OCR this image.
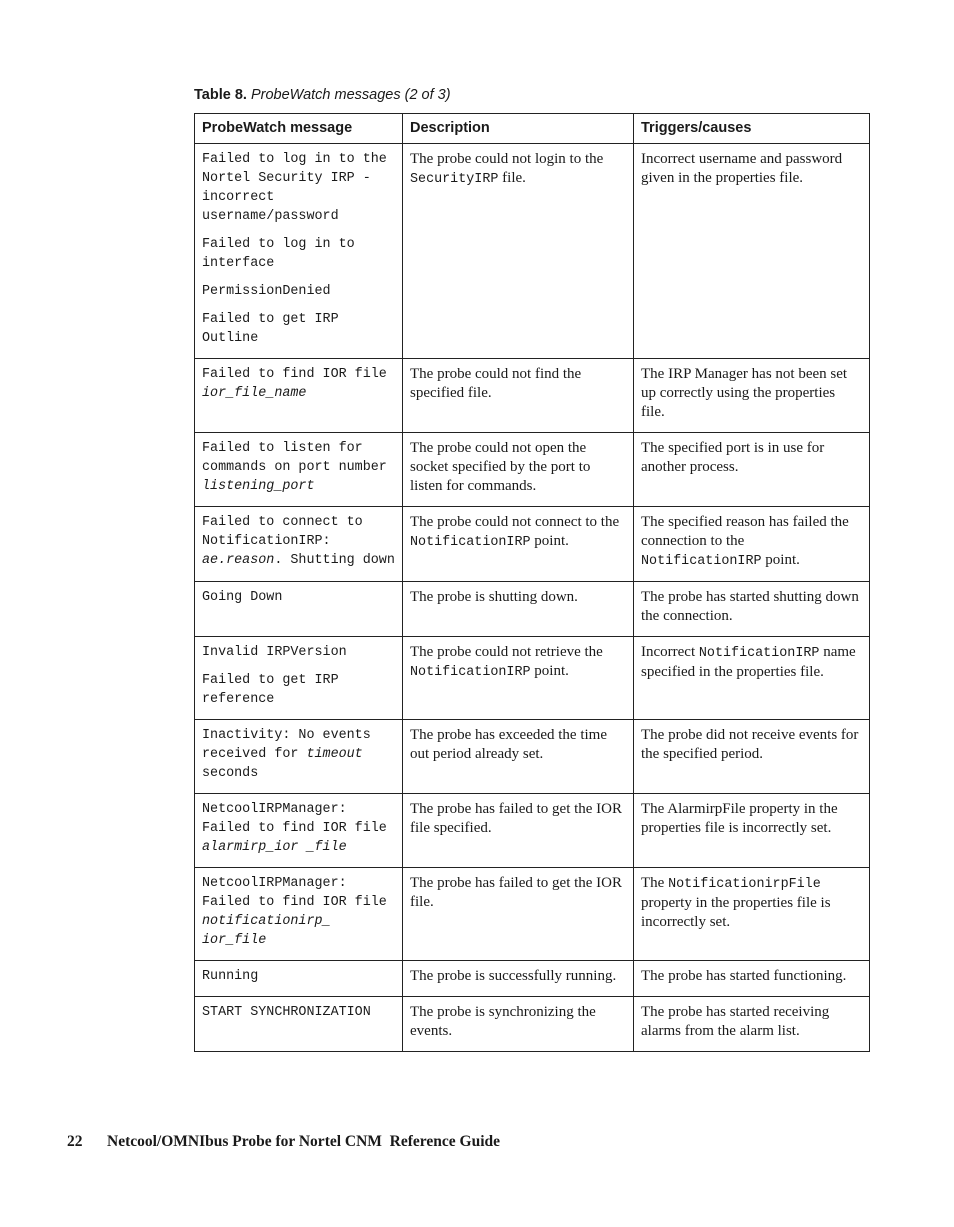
Table 8. ProbeWatch messages (2 of 3)
ProbeWatch message	Description	Triggers/causes

Failed to log in to the Nortel Security IRP - incorrect username/password

Failed to log in to interface

PermissionDenied

Failed to get IRP Outline	The probe could not login to the SecurityIRP file.	Incorrect username and password given in the properties file.

Failed to find IOR file ior_file_name	The probe could not find the specified file.	The IRP Manager has not been set up correctly using the properties file.

Failed to listen for commands on port number listening_port	The probe could not open the socket specified by the port to listen for commands.	The specified port is in use for another process.

Failed to connect to NotificationIRP: ae.reason. Shutting down	The probe could not connect to the NotificationIRP point.	The specified reason has failed the connection to the NotificationIRP point.

Going Down	The probe is shutting down.	The probe has started shutting down the connection.

Invalid IRPVersion

Failed to get IRP reference	The probe could not retrieve the NotificationIRP point.	Incorrect NotificationIRP name specified in the properties file.

Inactivity: No events received for timeout seconds	The probe has exceeded the time out period already set.	The probe did not receive events for the specified period.

NetcoolIRPManager: Failed to find IOR file alarmirp_ior _file	The probe has failed to get the IOR file specified.	The AlarmirpFile property in the properties file is incorrectly set.

NetcoolIRPManager: Failed to find IOR file notificationirp_ ior_file	The probe has failed to get the IOR file.	The NotificationirpFile property in the properties file is incorrectly set.

Running	The probe is successfully running.	The probe has started functioning.

START SYNCHRONIZATION	The probe is synchronizing the events.	The probe has started receiving alarms from the alarm list.
22 Netcool/OMNIbus Probe for Nortel CNM  Reference Guide
